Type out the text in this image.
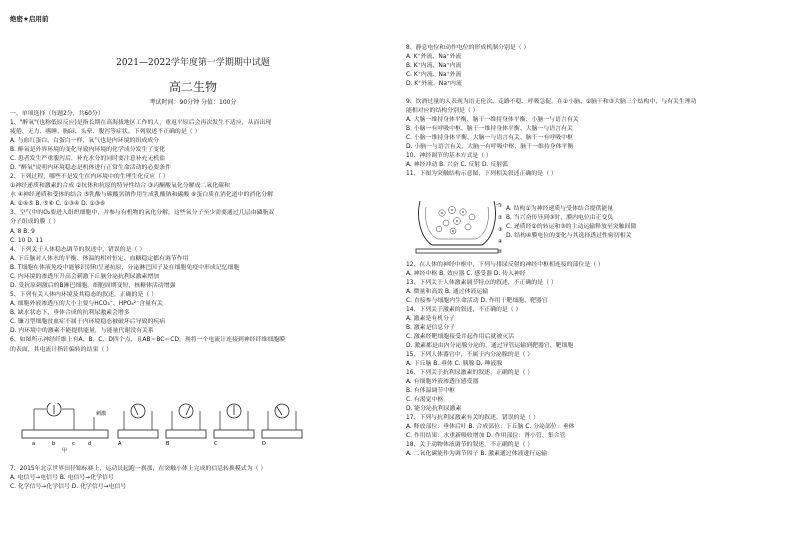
绝密★启用前
2021—2022学年度第一学期期中试题
高二生物
考试时间：90分钟 分值：100分
一、单项选择（每题2分，共60分）
1、"醉氧"(也称低原反应)是指长期在高海拔地区工作的人，重返平原后会再次发生不适应，从而出现
疲倦、无力、嗜睡、胸闷、头晕、腹泻等症状。下列叙述不正确的是（ ）
A. 与血红蛋白、白蛋白一样，氧气也是内环境的组成成分
B. 醉氧是外界环境的变化导致内环境的化学成分发生了变化
C. 患者发生严重腹泻后，补充水分的同时要注意补充无机盐
D. "醉氧"说明内环境稳态是机体进行正常生命活动的必要条件
2、下列过程，哪些不是发生在内环境中的生理生化反应（ ）
①神经递质和激素的合成 ②抗体和抗原的特异性结合 ③丙酮酸氧化分解成二氧化碳和
水 ④神经递质和受体的结合 ⑤乳酸与碳酸氢钠作用生成乳酸钠和碳酸 ⑥蛋白质在消化道中的消化分解
A. ②④⑤ B. ⑤⑥ C. ①③④ D. ①③⑥
3、空气中的O₂要进入组织细胞中，并参与有机物的氧化分解，这些氧分子至少需要通过几层由磷脂双
分子组成的膜（ ）
A. 8 B. 9
C. 10 D. 11
4、下列关于人体稳态调节的叙述中，错误的是（ ）
A. 下丘脑对人体水的平衡、体温的相对恒定、血糖稳定都有调节作用
B. T细胞在体液免疫中能够识别和呈递抗原，分泌淋巴因子及在细胞免疫中形成记忆细胞
C. 内环境的渗透压升高会刺激下丘脑分泌抗利尿激素增加
D. 受抗原刺激后的B淋巴细胞，细胞周期变短，核糖体活动增强
5、下列有关人体内环境及其稳态的叙述，正确的是（ ）
A. 细胞外液渗透压的大小主要与HCO₃⁻、HPO₄²⁻含量有关
B. 缺水状态下，垂体合成的抗利尿激素会增多
C. 镰刀型细胞贫血症不属于内环境稳态被破坏后导致的疾病
D. 内环境中的激素不能提供能量，与能量代谢没有关系
6、如图所示神经纤维上有A、B、C、D四个点，且AB＝BC＝CD，现将一个电流计连接到神经纤维细胞膜
的表面，其电流计指针偏转的结果（ ）
7、2015年北京世界田径锦标赛上，运动员起跑一刹那，在突触小体上完成的信息转换模式为（ ）
A. 电信号→电信号 B. 电信号→化学信号
C. 化学信号→化学信号 D. 化学信号→电信号
8、静息电位和动作电位的形成机制分别是（ ）
A. K⁺外流、Na⁺外流
B. K⁺内流、Na⁺内流
C. K⁺内流、Na⁺外流
D. K⁺外流、Na⁺内流
9、饮酒过量的人表现为语无伦次、走路不稳、呼吸急促。在①小脑、②脑干和③大脑三个结构中，与有关生理功
能相对应的结构分别是（ ）
A. 大脑一维持身体平衡、脑干一维持身体平衡、小脑一与语言有关
B. 小脑一有呼吸中枢、脑干一维持身体平衡、大脑一与语言有关
C. 小脑一维持身体平衡、大脑一与语言有关、脑干一有呼吸中枢
D. 小脑一与语言有关、大脑一有呼吸中枢、脑干一维持身体平衡
10、神经调节的基本方式是（ ）
A. 神经冲动 B. 兴奋 C. 反射 D. 反射弧
11、下图为突触结构示意图，下列相关叙述正确的是（ ）
A. 结构①为神经递质与受体结合提供能量
B. 当兴奋传导到③时，膜内电位由正变负
C. 递质经②的转运和③的主动运输释放至突触间隙
D. 结构④膜电位的变化与其选择透过性密切相关
12、在人体的神经中枢中，下列与排尿反射的神经中枢相连接的部位是（ ）
A. 神经中枢 B. 效应器 C. 感受器 D. 传入神经
13、下列关于人体激素调节特点的叙述，不正确的是（ ）
A. 微量和高效 B. 通过体液运输
C. 直接参与细胞内生命活动 D. 作用于靶细胞、靶器官
14、下列关于激素的叙述，不正确的是（ ）
A. 激素是有机分子
B. 激素是信息分子
C. 激素经靶细胞接受并起作用后就被灭活
D. 激素都是由内分泌腺分泌的，通过导管运输到靶器官、靶细胞
15、下列人体器官中，不属于内分泌腺的是（ ）
A. 下丘脑 B. 垂体 C. 胰腺 D. 唾液腺
16、下列关于抗利尿激素的叙述，正确的是（ ）
A. 有细胞外液渗透压感受器
B. 有体温调节中枢
C. 有渴觉中枢
D. 能分泌抗利尿激素
17、下列与抗利尿激素有关的叙述，错误的是（ ）
A. 释放部位：垂体后叶 B. 合成部位：下丘脑 C. 分泌部位：垂体
C. 作用结果：水重新吸收增加 D. 作用部位：肾小管、集合管
18、关于动物体液调节的叙述，不正确的是（ ）
A. 二氧化碳能作为调节因子 B. 激素通过体液进行运输
刺激
a	b	c	d
甲
A	B	C	D
①
②
③
④
⑤
